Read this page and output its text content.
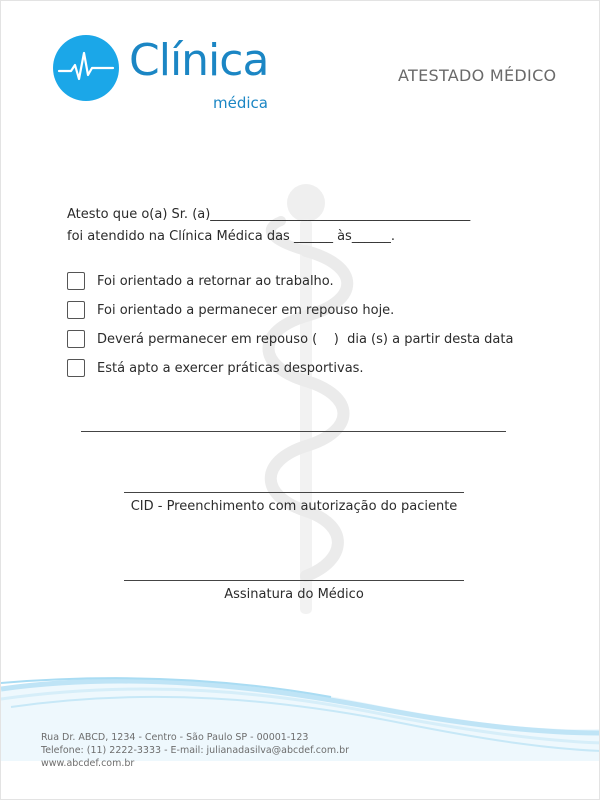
Clínica
médica
ATESTADO MÉDICO
Atesto que o(a) Sr. (a)________________________________________
foi atendido na Clínica Médica das ______ às______.
Foi orientado a retornar ao trabalho.
Foi orientado a permanecer em repouso hoje.
Deverá permanecer em repouso (    )  dia (s) a partir desta data
Está apto a exercer práticas desportivas.
CID - Preenchimento com autorização do paciente
Assinatura do Médico
Rua Dr. ABCD, 1234 - Centro - São Paulo SP - 00001-123
Telefone: (11) 2222-3333 - E-mail: julianadasilva@abcdef.com.br
www.abcdef.com.br
